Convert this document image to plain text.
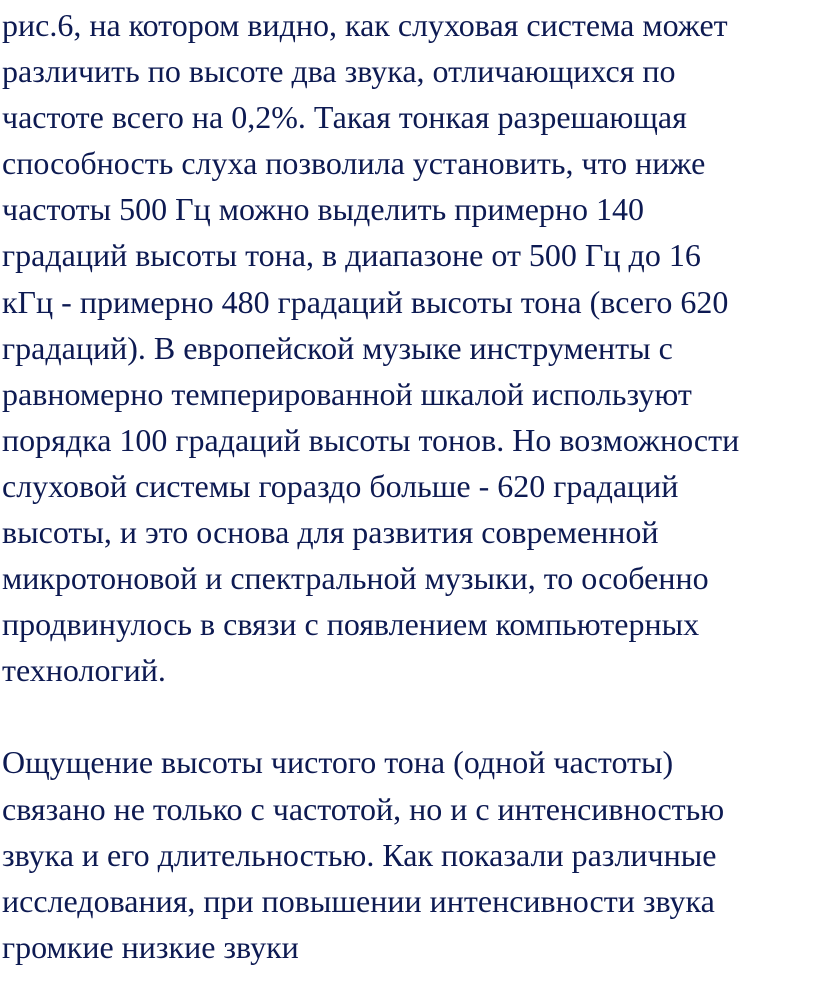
рис.6, на котором видно, как слуховая система может
различить по высоте два звука, отличающихся по
частоте всего на 0,2%. Такая тонкая разрешающая
способность слуха позволила установить, что ниже
частоты 500 Гц можно выделить примерно 140
градаций высоты тона, в диапазоне от 500 Гц до 16
кГц - примерно 480 градаций высоты тона (всего 620
градаций). В европейской музыке инструменты с
равномерно темперированной шкалой используют
порядка 100 градаций высоты тонов. Но возможности
слуховой системы гораздо больше - 620 градаций
высоты, и это основа для развития современной
микротоновой и спектральной музыки, то особенно
продвинулось в связи с появлением компьютерных
технологий.
Ощущение высоты чистого тона (одной частоты)
связано не только с частотой, но и с интенсивностью
звука и его длительностью. Как показали различные
исследования, при повышении интенсивности звука
громкие низкие звуки
